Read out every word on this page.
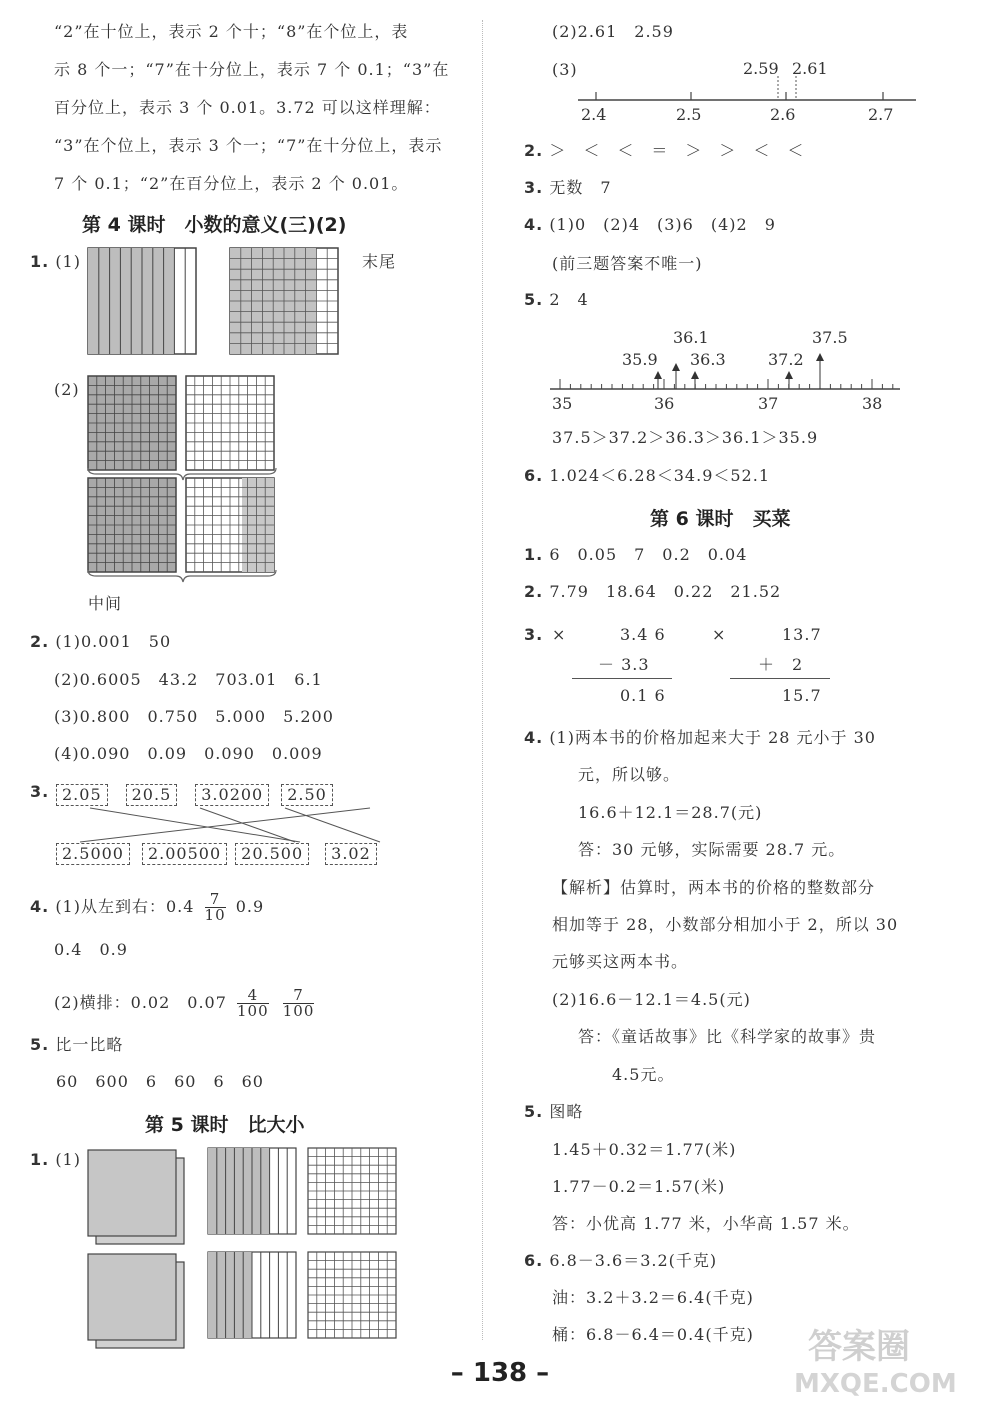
“2”在十位上，表示 2 个十；“8”在个位上，表
示 8 个一；“7”在十分位上，表示 7 个 0.1；“3”在
百分位上，表示 3 个 0.01。3.72 可以这样理解：
“3”在个位上，表示 3 个一；“7”在十分位上，表示
7 个 0.1；“2”在百分位上，表示 2 个 0.01。
第 4 课时　小数的意义(三)(2)
1. (1)	末尾
(2)
中间
2. (1)0.001　50
(2)0.6005　43.2　703.01　6.1
(3)0.800　0.750　5.000　5.200
(4)0.090　0.09　0.090　0.009
3. 2.05 20.5 3.0200 2.50
2.5000 2.00500 20.500 3.02
4. (1)从左到右：$0.4 \frac{7}{10} 0.9$
0.4　0.9
(2)横排：0.02　$0.07 \frac{4}{100}$
$\frac{7}{100}$
5. 比一比略
60　600　6　60　6　60
第 5 课时　比大小
1. (1)
(2)2.61　2.59
(3)	2.59 2.61
2.4	2.5	2.6	2.7
2. ＞　＜　＜　＝　＞　＞　＜　＜
3. 无数　7
4. (1)0　(2)4　(3)6　(4)2　9
(前三题答案不唯一)
5. 2　4
36.1
35.9 36.3	37.2
37.5
35	36	37	38
37.5＞37.2＞36.3＞36.1＞35.9
6. 1.024＜6.28＜34.9＜52.1
第 6 课时　买菜
1. 6　0.05　7　0.2　0.04
2. 7.79　18.64　0.22　21.52
3. ×	3.4 6
－ 3.3
0.1 6
×	13.7
＋　2
15.7
4. (1)两本书的价格加起来大于 28 元小于 30
元，所以够。
16.6＋12.1＝28.7(元)
答：30 元够，实际需要 28.7 元。
【解析】估算时，两本书的价格的整数部分
相加等于 28，小数部分相加小于 2，所以 30
元够买这两本书。
(2)16.6－12.1＝4.5(元)
答：《童话故事》比《科学家的故事》贵
4.5元。
5. 图略
1.45＋0.32＝1.77(米)
1.77－0.2＝1.57(米)
答：小优高 1.77 米，小华高 1.57 米。
6. 6.8－3.6＝3.2(千克)
油：3.2＋3.2＝6.4(千克)
桶：6.8－6.4＝0.4(千克)
– 138 –
答案圈
MXQE.COM
